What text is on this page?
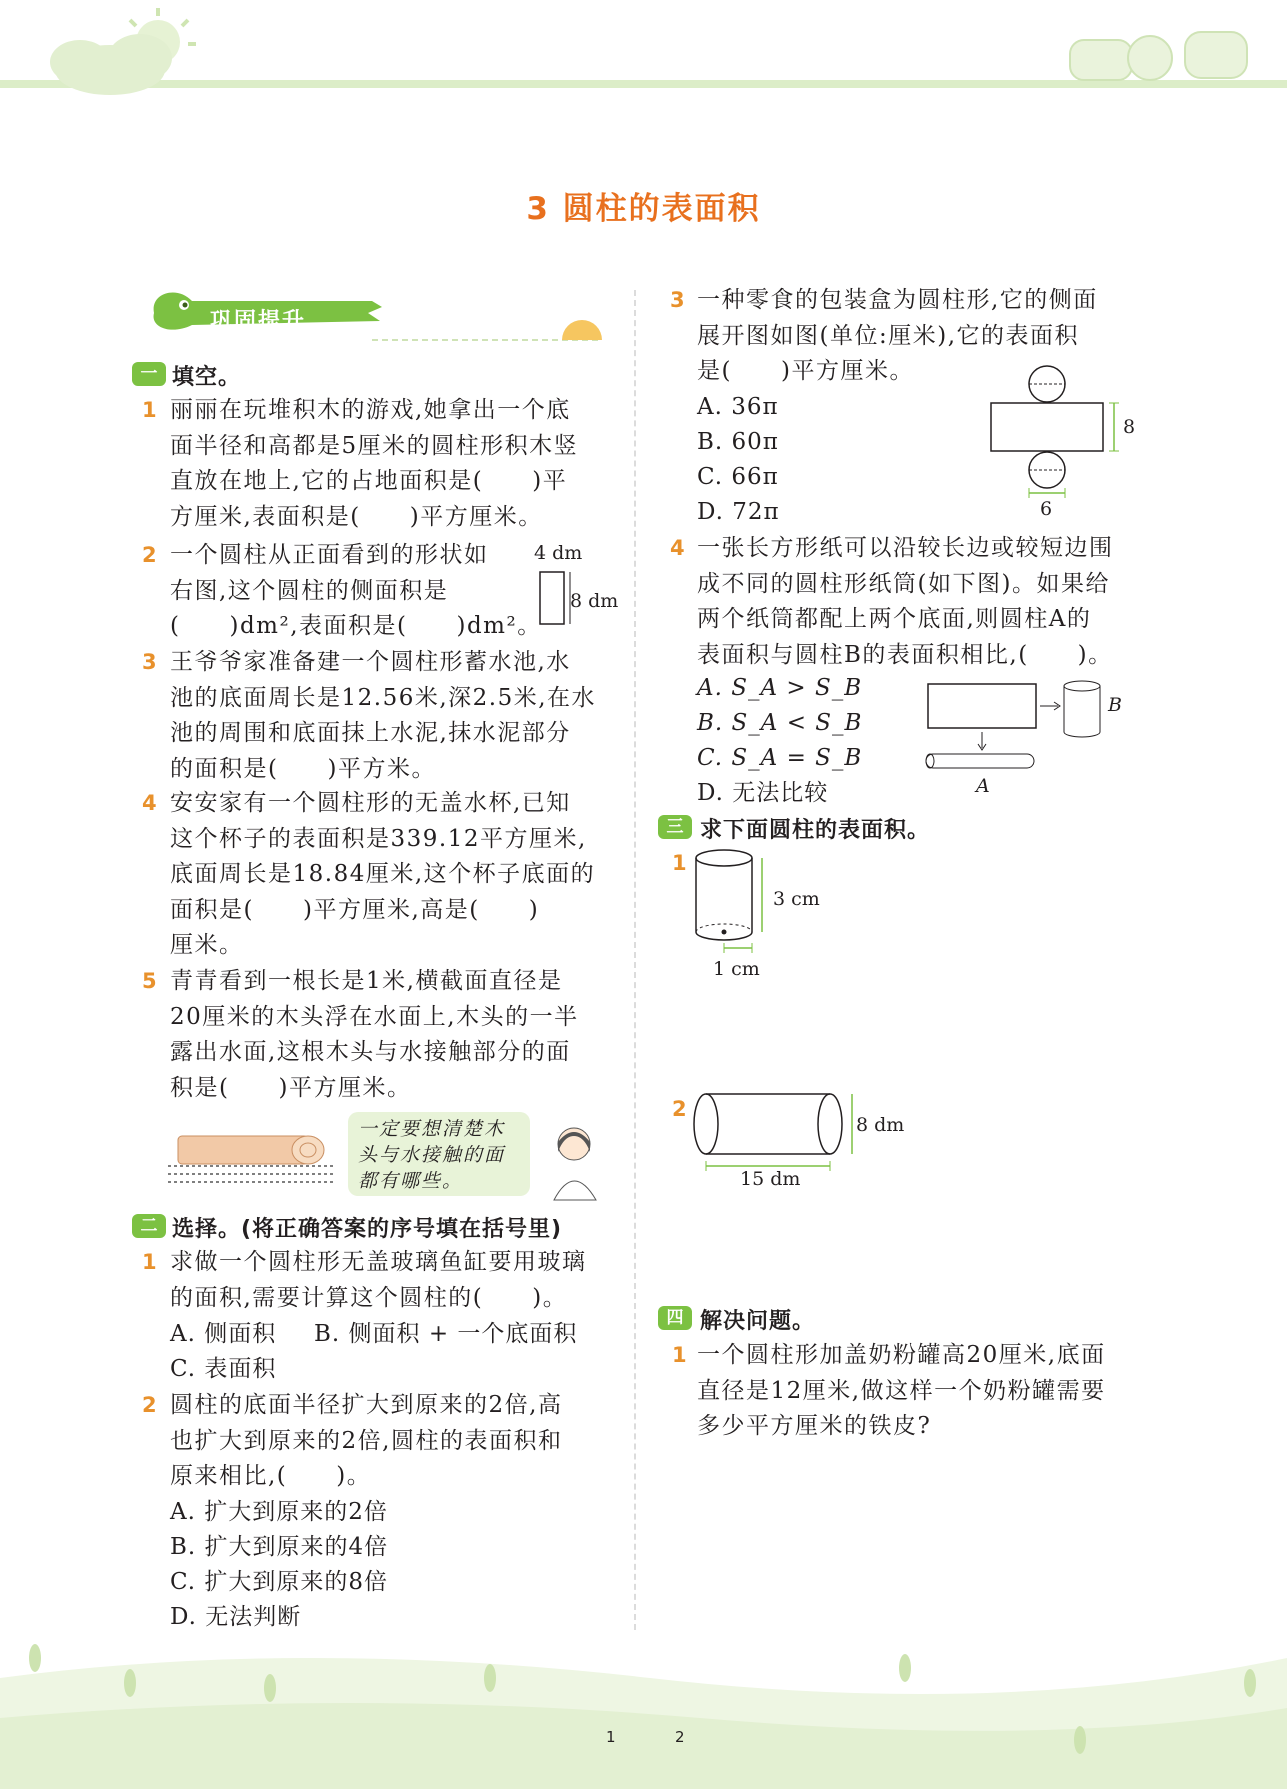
3 圆柱的表面积
巩固提升
一 填空。
1 丽丽在玩堆积木的游戏,她拿出一个底
面半径和高都是5厘米的圆柱形积木竖
直放在地上,它的占地面积是(　　)平
方厘米,表面积是(　　)平方厘米。
2 一个圆柱从正面看到的形状如
右图,这个圆柱的侧面积是
(　　)dm²,表面积是(　　)dm²。
4 dm
8 dm
3 王爷爷家准备建一个圆柱形蓄水池,水
池的底面周长是12.56米,深2.5米,在水
池的周围和底面抹上水泥,抹水泥部分
的面积是(　　)平方米。
4 安安家有一个圆柱形的无盖水杯,已知
这个杯子的表面积是339.12平方厘米,
底面周长是18.84厘米,这个杯子底面的
面积是(　　)平方厘米,高是(　　)
厘米。
5 青青看到一根长是1米,横截面直径是
20厘米的木头浮在水面上,木头的一半
露出水面,这根木头与水接触部分的面
积是(　　)平方厘米。
一定要想清楚木
头与水接触的面
都有哪些。
二 选择。(将正确答案的序号填在括号里)
1 求做一个圆柱形无盖玻璃鱼缸要用玻璃
的面积,需要计算这个圆柱的(　　)。
A. 侧面积 B. 侧面积 + 一个底面积
C. 表面积
2 圆柱的底面半径扩大到原来的2倍,高
也扩大到原来的2倍,圆柱的表面积和
原来相比,(　　)。
A. 扩大到原来的2倍
B. 扩大到原来的4倍
C. 扩大到原来的8倍
D. 无法判断
3 一种零食的包装盒为圆柱形,它的侧面
展开图如图(单位:厘米),它的表面积
是(　　)平方厘米。
A. 36π
B. 60π
C. 66π
D. 72π
8
6
4 一张长方形纸可以沿较长边或较短边围
成不同的圆柱形纸筒(如下图)。如果给
两个纸筒都配上两个底面,则圆柱A的
表面积与圆柱B的表面积相比,(　　)。
A. S_A > S_B
B. S_A < S_B
C. S_A = S_B
D. 无法比较
B
A
三 求下面圆柱的表面积。
1
3 cm
1 cm
2
8 dm
15 dm
四 解决问题。
1 一个圆柱形加盖奶粉罐高20厘米,底面
直径是12厘米,做这样一个奶粉罐需要
多少平方厘米的铁皮?
1	2
